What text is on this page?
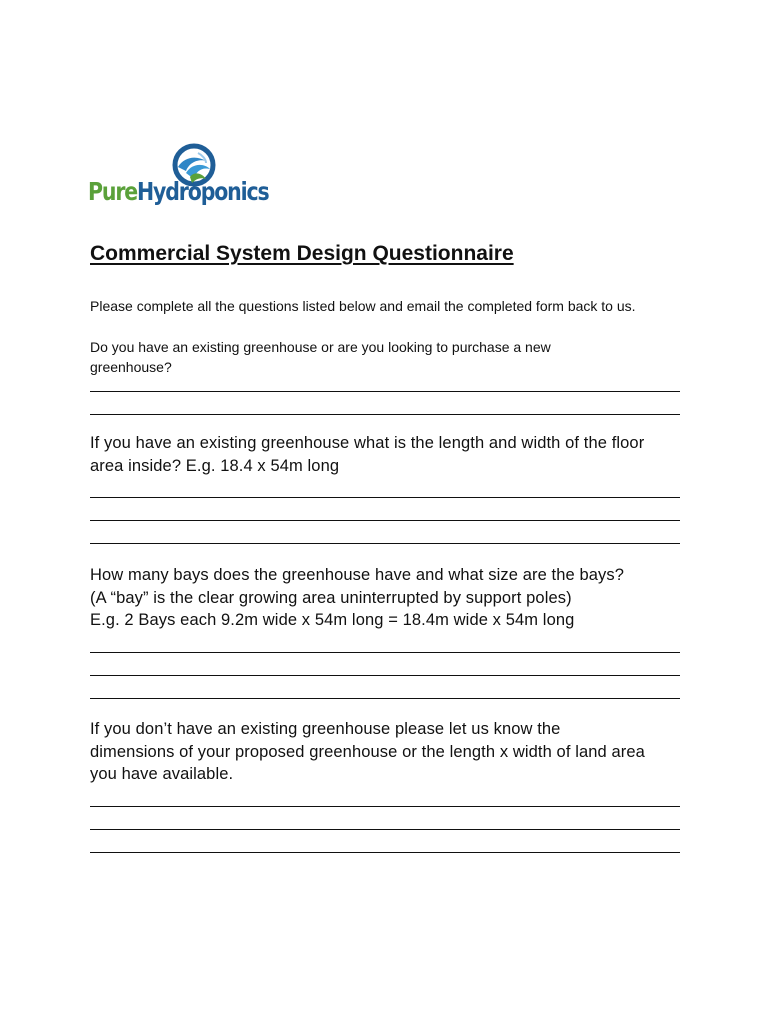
PureHydroponics
Commercial System Design Questionnaire
Please complete all the questions listed below and email the completed form back to us.

Do you have an existing greenhouse or are you looking to purchase a new
greenhouse?

If you have an existing greenhouse what is the length and width of the floor
area inside? E.g. 18.4 x 54m long

How many bays does the greenhouse have and what size are the bays?
(A “bay” is the clear growing area uninterrupted by support poles)
E.g. 2 Bays each 9.2m wide x 54m long = 18.4m wide x 54m long

If you don’t have an existing greenhouse please let us know the
dimensions of your proposed greenhouse or the length x width of land area
you have available.
